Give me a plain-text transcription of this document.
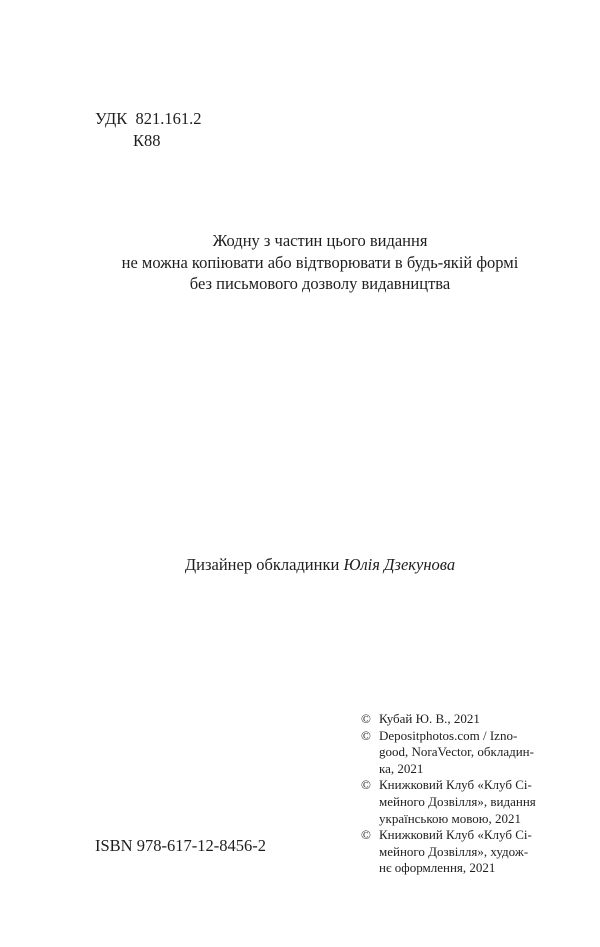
УДК 821.161.2
К88
Жодну з частин цього видання
не можна копіювати або відтворювати в будь-якій формі
без письмового дозволу видавництва
Дизайнер обкладинки Юлія Дзекунова
© Кубай Ю. В., 2021
© Depositphotos.com / Izno-
good, NoraVector, обкладин-
ка, 2021
© Книжковий Клуб «Клуб Сі-
мейного Дозвілля», видання
українською мовою, 2021
© Книжковий Клуб «Клуб Сі-
мейного Дозвілля», худож-
нє оформлення, 2021
ISBN 978-617-12-8456-2
